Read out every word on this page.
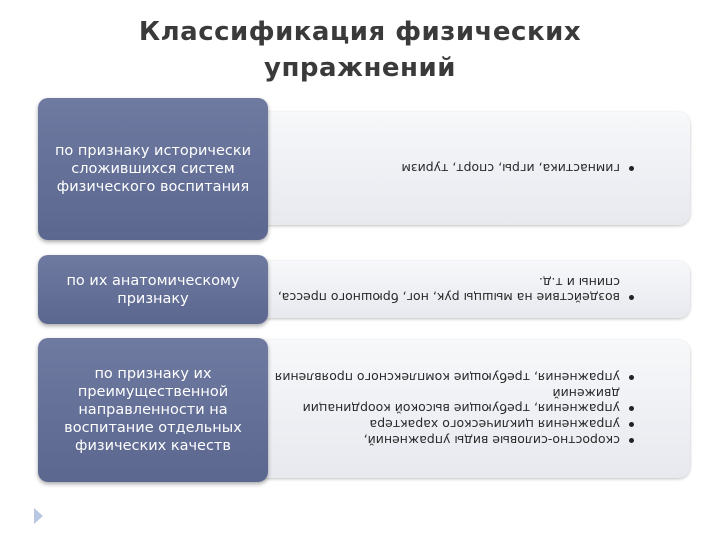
Классификация физических упражнений
гимнастика, игры, спорт, туризм
по признаку исторически сложившихся систем физического воспитания
воздействие на мышцы рук, ног, брюшного пресса, спины и т.д.
по их анатомическому признаку
скоростно-силовые виды упражнений,
упражнения циклического характера
упражнения, требующие высокой координации движений
упражнения, требующие комплексного проявления
по признаку их преимущественной направленности на воспитание отдельных физических качеств
